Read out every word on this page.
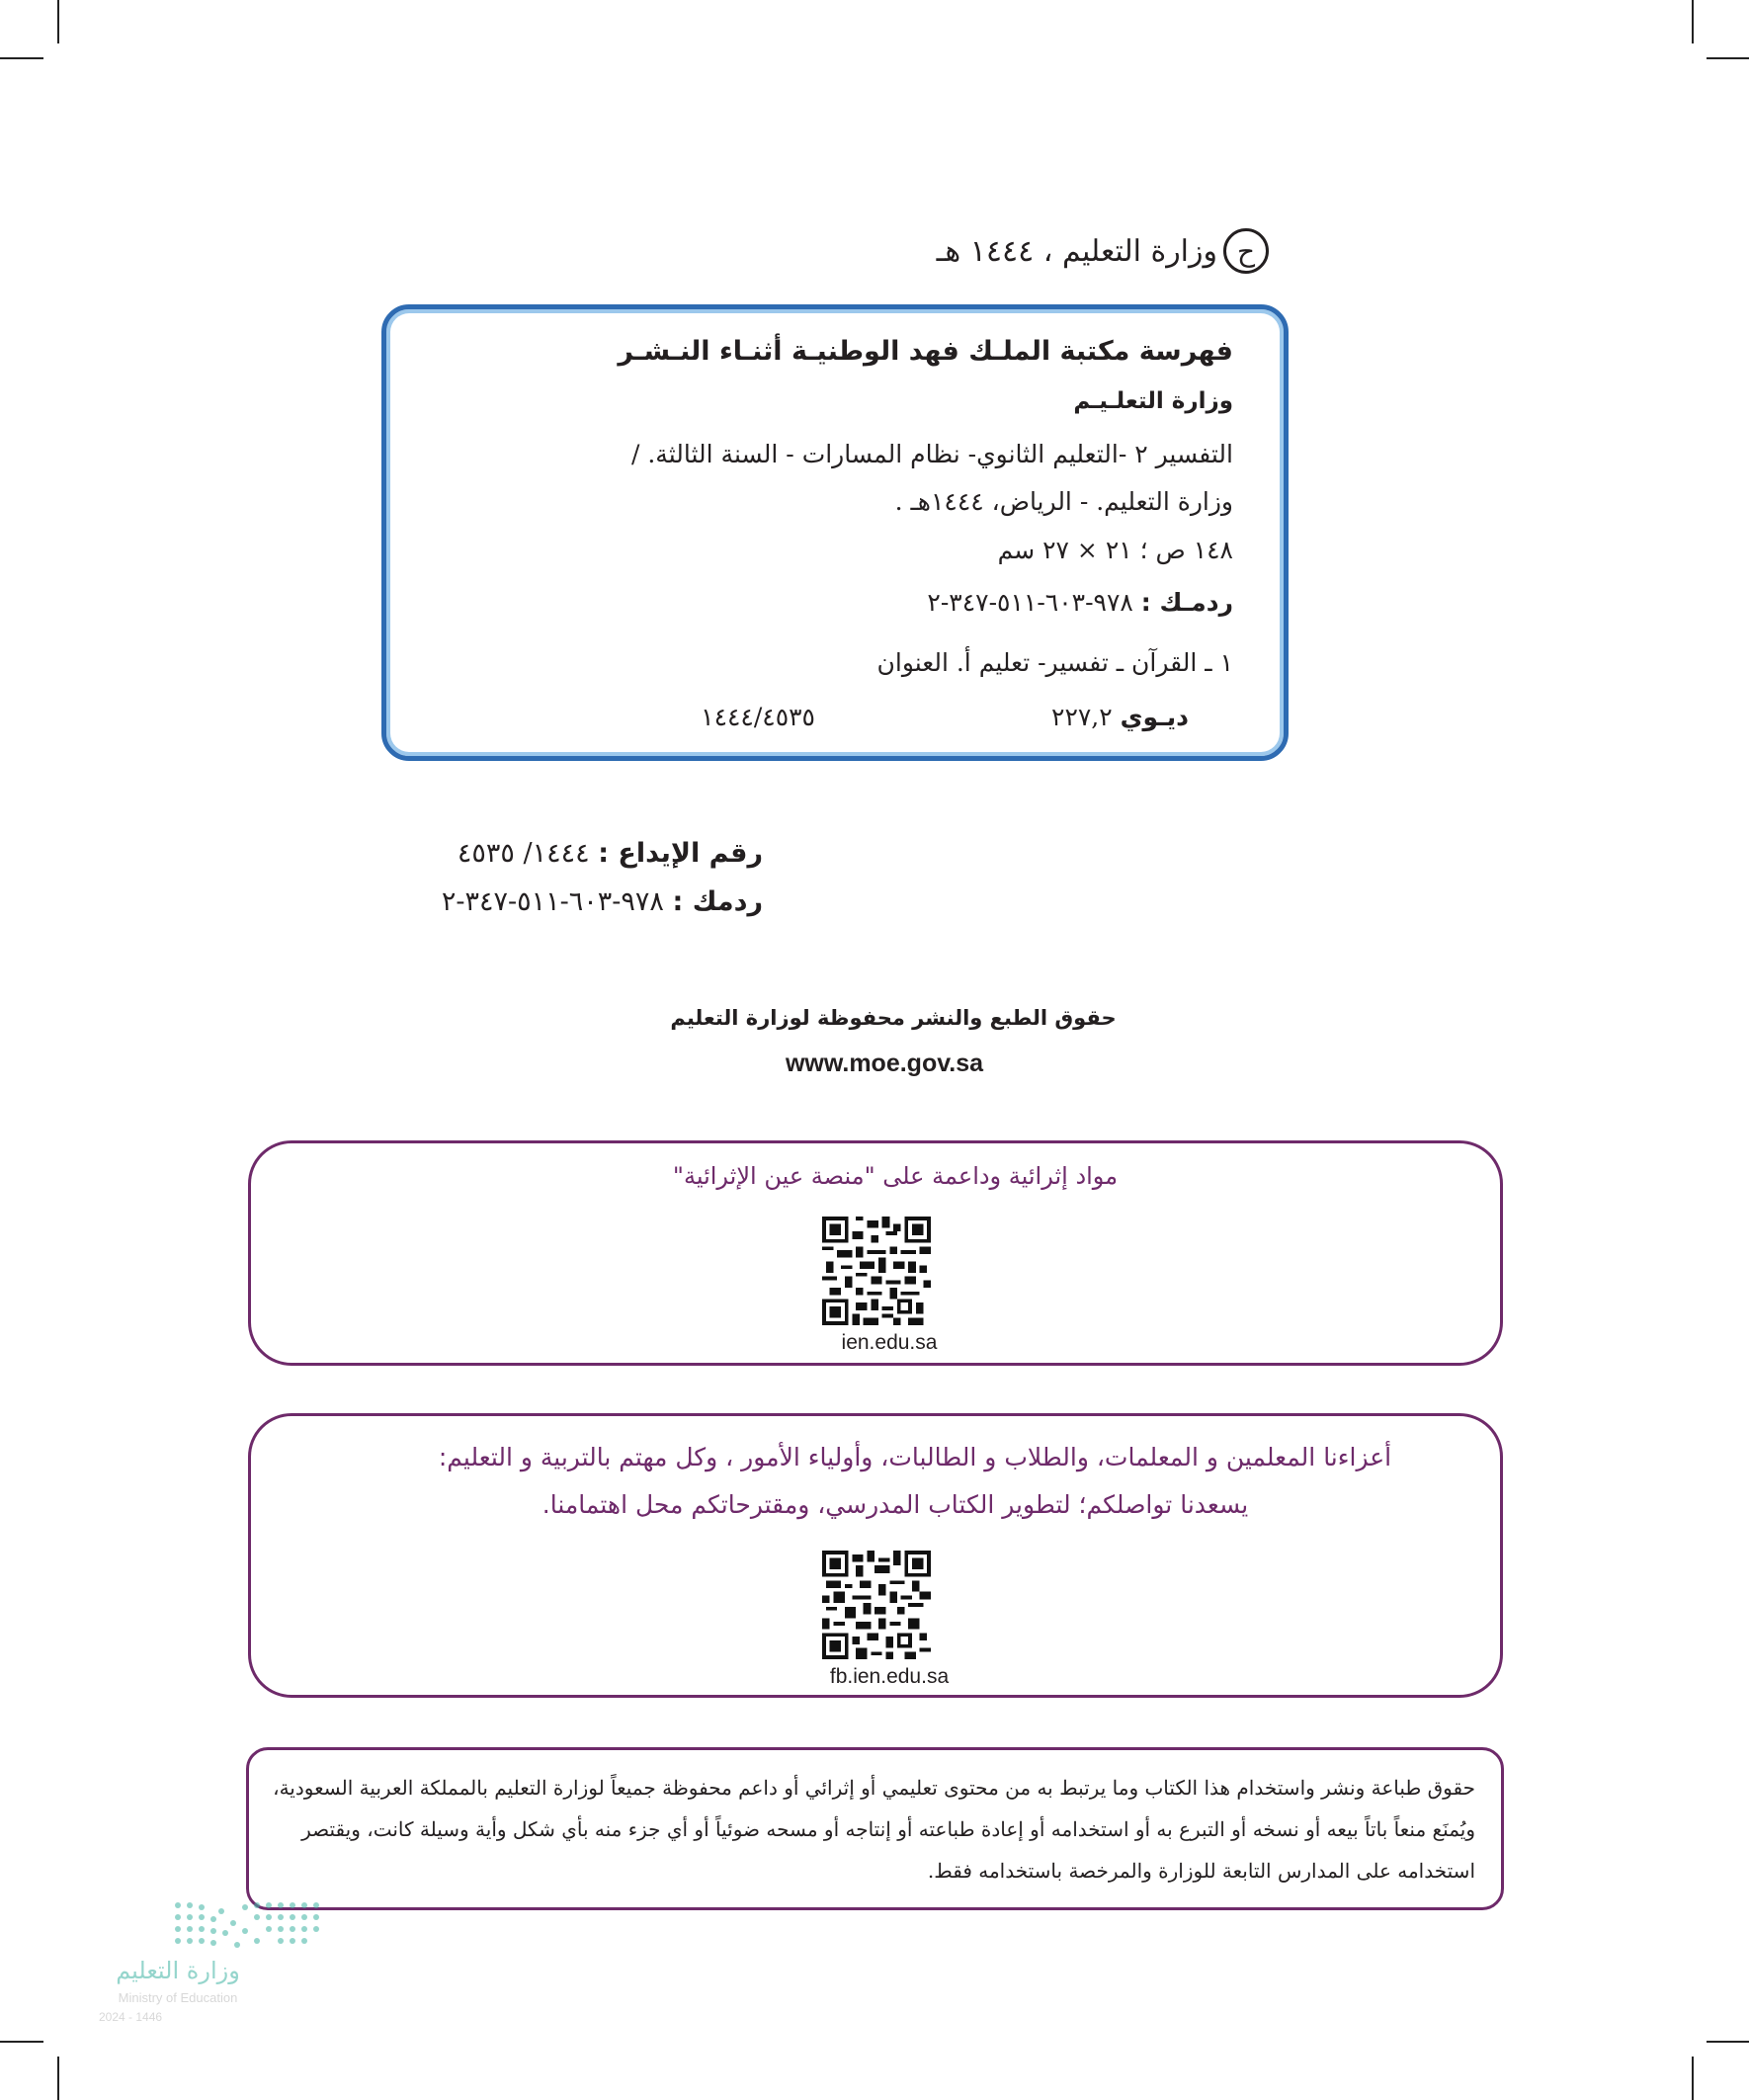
ح
وزارة التعليم ، ١٤٤٤ هـ
فهرسة مكتبة الملـك فهد الوطنيـة أثنـاء النـشـر
وزارة التعلـيـم
التفسير ٢ -التعليم الثانوي- نظام المسارات - السنة الثالثة. /
وزارة التعليم. - الرياض، ١٤٤٤هـ .
١٤٨ ص ؛ ٢١ × ٢٧ سم
ردمـك : ٩٧٨-٦٠٣-٥١١-٣٤٧-٢
١ ـ القرآن ـ تفسير- تعليم أ. العنوان
ديـوي ٢٢٧,٢
١٤٤٤/٤٥٣٥
رقم الإيداع : ١٤٤٤/ ٤٥٣٥
ردمك : ٩٧٨-٦٠٣-٥١١-٣٤٧-٢
حقوق الطبع والنشر محفوظة لوزارة التعليم
www.moe.gov.sa
مواد إثرائية وداعمة على "منصة عين الإثرائية"
ien.edu.sa
أعزاءنا المعلمين و المعلمات، والطلاب و الطالبات، وأولياء الأمور ، وكل مهتم بالتربية و التعليم:
يسعدنا تواصلكم؛ لتطوير الكتاب المدرسي، ومقترحاتكم محل اهتمامنا.
fb.ien.edu.sa
حقوق طباعة ونشر واستخدام هذا الكتاب وما يرتبط به من محتوى تعليمي أو إثرائي أو داعم محفوظة جميعاً لوزارة التعليم بالمملكة العربية السعودية،
ويُمنَع منعاً باتاً بيعه أو نسخه أو التبرع به أو استخدامه أو إعادة طباعته أو إنتاجه أو مسحه ضوئياً أو أي جزء منه بأي شكل وأية وسيلة كانت، ويقتصر
استخدامه على المدارس التابعة للوزارة والمرخصة باستخدامه فقط.
وزارة التعليم
Ministry of Education
2024 - 1446
